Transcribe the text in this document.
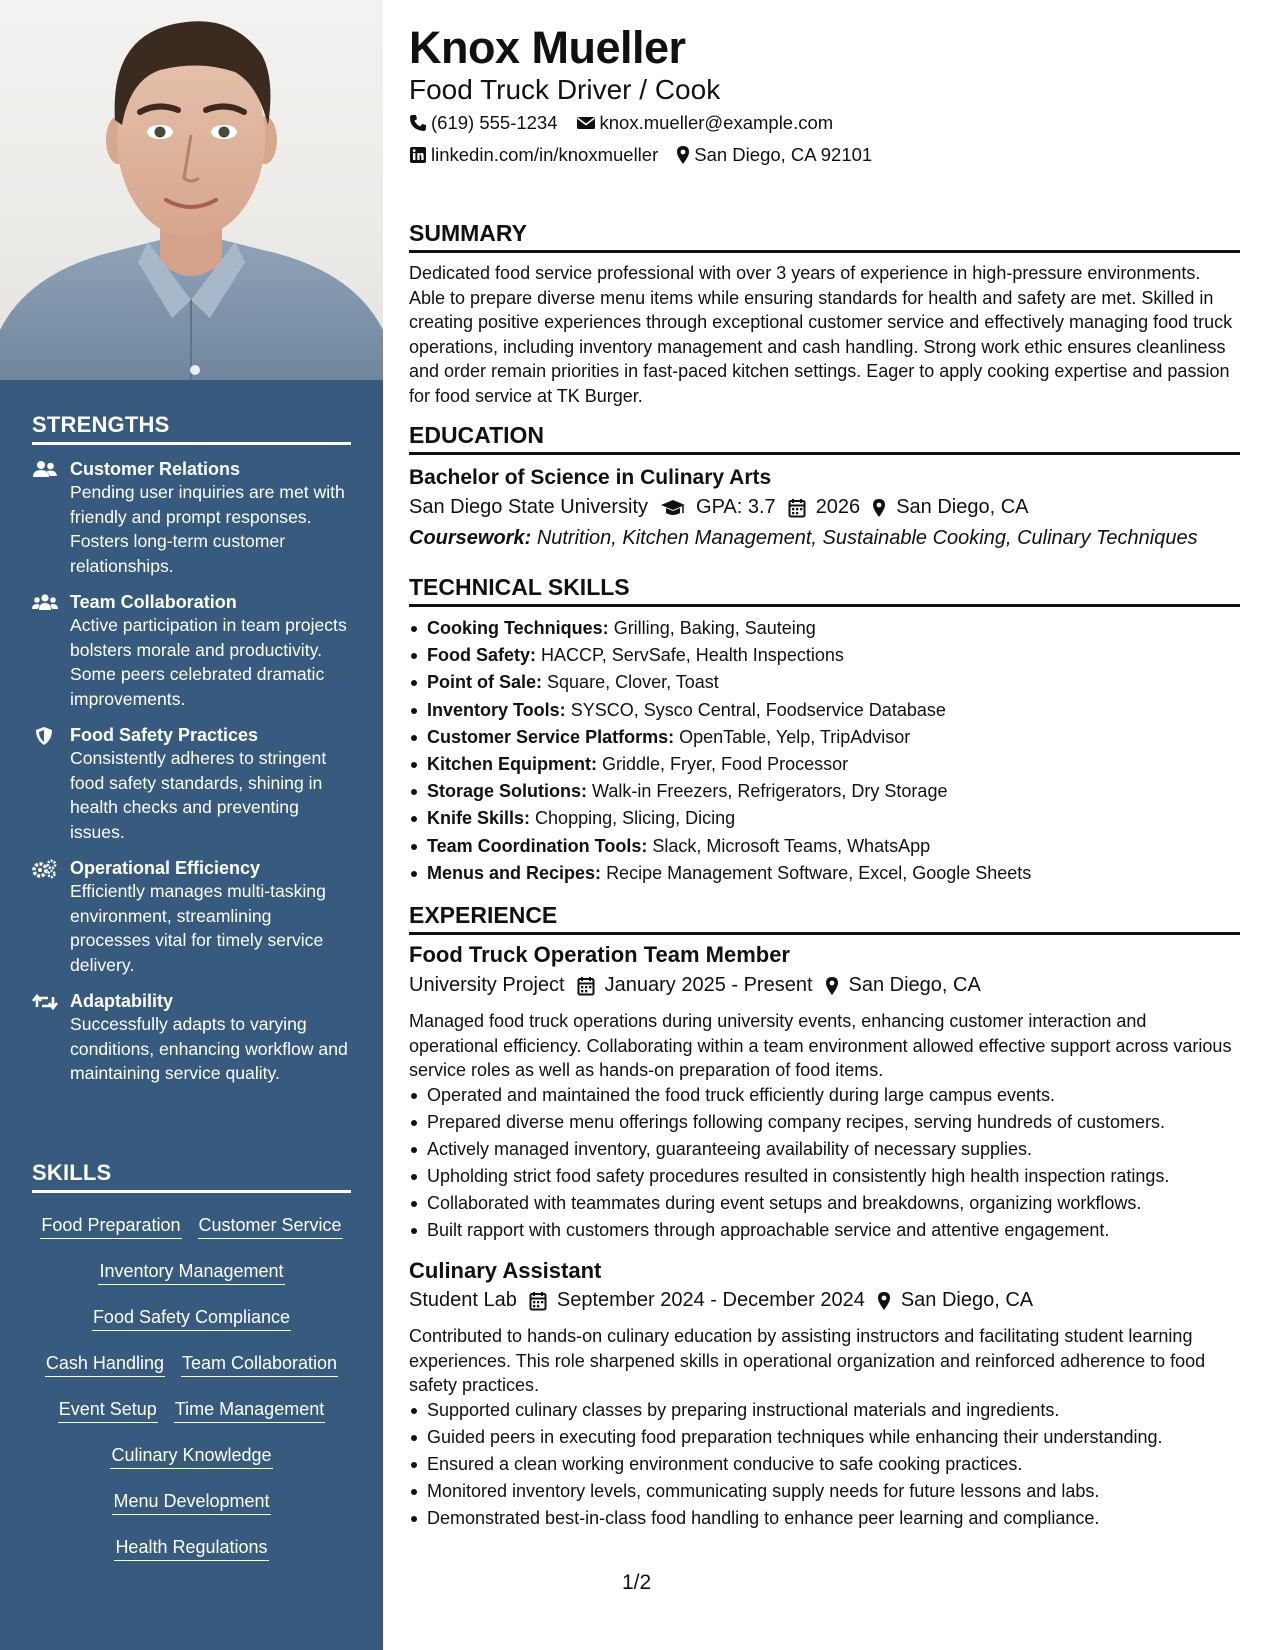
STRENGTHS
Customer Relations
Pending user inquiries are met with friendly and prompt responses. Fosters long-term customer relationships.
Team Collaboration
Active participation in team projects bolsters morale and productivity. Some peers celebrated dramatic improvements.
Food Safety Practices
Consistently adheres to stringent food safety standards, shining in health checks and preventing issues.
Operational Efficiency
Efficiently manages multi-tasking environment, streamlining processes vital for timely service delivery.
Adaptability
Successfully adapts to varying conditions, enhancing workflow and maintaining service quality.
SKILLS
Food Preparation Customer Service
Inventory Management
Food Safety Compliance
Cash Handling Team Collaboration
Event Setup Time Management
Culinary Knowledge
Menu Development
Health Regulations
Knox Mueller
Food Truck Driver / Cook
(619) 555-1234 knox.mueller@example.com
linkedin.com/in/knoxmueller San Diego, CA 92101
SUMMARY
Dedicated food service professional with over 3 years of experience in high-pressure environments. Able to prepare diverse menu items while ensuring standards for health and safety are met. Skilled in creating positive experiences through exceptional customer service and effectively managing food truck operations, including inventory management and cash handling. Strong work ethic ensures cleanliness and order remain priorities in fast-paced kitchen settings. Eager to apply cooking expertise and passion for food service at TK Burger.
EDUCATION
Bachelor of Science in Culinary Arts
San Diego State University GPA: 3.7 2026 San Diego, CA
Coursework: Nutrition, Kitchen Management, Sustainable Cooking, Culinary Techniques
TECHNICAL SKILLS
Cooking Techniques: Grilling, Baking, Sauteing
Food Safety: HACCP, ServSafe, Health Inspections
Point of Sale: Square, Clover, Toast
Inventory Tools: SYSCO, Sysco Central, Foodservice Database
Customer Service Platforms: OpenTable, Yelp, TripAdvisor
Kitchen Equipment: Griddle, Fryer, Food Processor
Storage Solutions: Walk-in Freezers, Refrigerators, Dry Storage
Knife Skills: Chopping, Slicing, Dicing
Team Coordination Tools: Slack, Microsoft Teams, WhatsApp
Menus and Recipes: Recipe Management Software, Excel, Google Sheets
EXPERIENCE
Food Truck Operation Team Member
University Project January 2025 - Present San Diego, CA
Managed food truck operations during university events, enhancing customer interaction and operational efficiency. Collaborating within a team environment allowed effective support across various service roles as well as hands-on preparation of food items.
Operated and maintained the food truck efficiently during large campus events.
Prepared diverse menu offerings following company recipes, serving hundreds of customers.
Actively managed inventory, guaranteeing availability of necessary supplies.
Upholding strict food safety procedures resulted in consistently high health inspection ratings.
Collaborated with teammates during event setups and breakdowns, organizing workflows.
Built rapport with customers through approachable service and attentive engagement.
Culinary Assistant
Student Lab September 2024 - December 2024 San Diego, CA
Contributed to hands-on culinary education by assisting instructors and facilitating student learning experiences. This role sharpened skills in operational organization and reinforced adherence to food safety practices.
Supported culinary classes by preparing instructional materials and ingredients.
Guided peers in executing food preparation techniques while enhancing their understanding.
Ensured a clean working environment conducive to safe cooking practices.
Monitored inventory levels, communicating supply needs for future lessons and labs.
Demonstrated best-in-class food handling to enhance peer learning and compliance.
1/2
